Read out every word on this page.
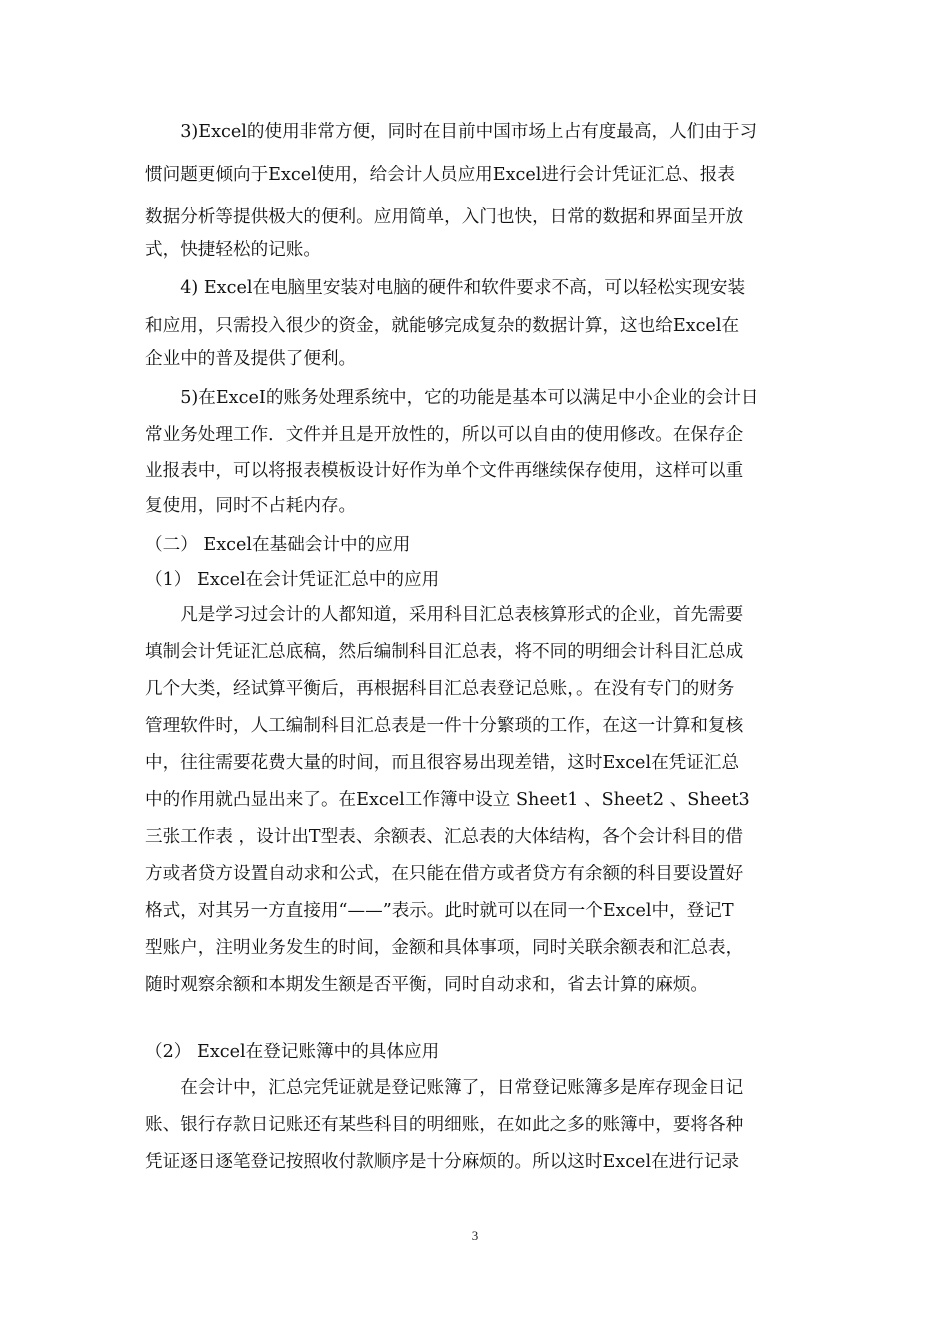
　　3)Excel的使用非常方便，同时在目前中国市场上占有度最高，人们由于习
惯问题更倾向于Excel使用，给会计人员应用Excel进行会计凭证汇总、报表
数据分析等提供极大的便利。应用简单，入门也快，日常的数据和界面呈开放
式，快捷轻松的记账。
　　4) Excel在电脑里安装对电脑的硬件和软件要求不高，可以轻松实现安装
和应用，只需投入很少的资金，就能够完成复杂的数据计算，这也给Excel在
企业中的普及提供了便利。
　　5)在ExceI的账务处理系统中，它的功能是基本可以满足中小企业的会计日
常业务处理工作．文件并且是开放性的，所以可以自由的使用修改。在保存企
业报表中，可以将报表模板设计好作为单个文件再继续保存使用，这样可以重
复使用，同时不占耗内存。
（二） Excel在基础会计中的应用
（1） Excel在会计凭证汇总中的应用
　　凡是学习过会计的人都知道，采用科目汇总表核算形式的企业，首先需要
填制会计凭证汇总底稿，然后编制科目汇总表，将不同的明细会计科目汇总成
几个大类，经试算平衡后，再根据科目汇总表登记总账，。在没有专门的财务
管理软件时，人工编制科目汇总表是一件十分繁琐的工作，在这一计算和复核
中，往往需要花费大量的时间，而且很容易出现差错，这时Excel在凭证汇总
中的作用就凸显出来了。在Excel工作簿中设立 Sheet1 、Sheet2 、Sheet3
三张工作表 ，设计出T型表、余额表、汇总表的大体结构，各个会计科目的借
方或者贷方设置自动求和公式，在只能在借方或者贷方有余额的科目要设置好
格式，对其另一方直接用“——”表示。此时就可以在同一个Excel中，登记T
型账户，注明业务发生的时间，金额和具体事项，同时关联余额表和汇总表，
随时观察余额和本期发生额是否平衡，同时自动求和，省去计算的麻烦。
（2） Excel在登记账簿中的具体应用
　　在会计中，汇总完凭证就是登记账簿了，日常登记账簿多是库存现金日记
账、银行存款日记账还有某些科目的明细账，在如此之多的账簿中，要将各种
凭证逐日逐笔登记按照收付款顺序是十分麻烦的。所以这时Excel在进行记录
3
